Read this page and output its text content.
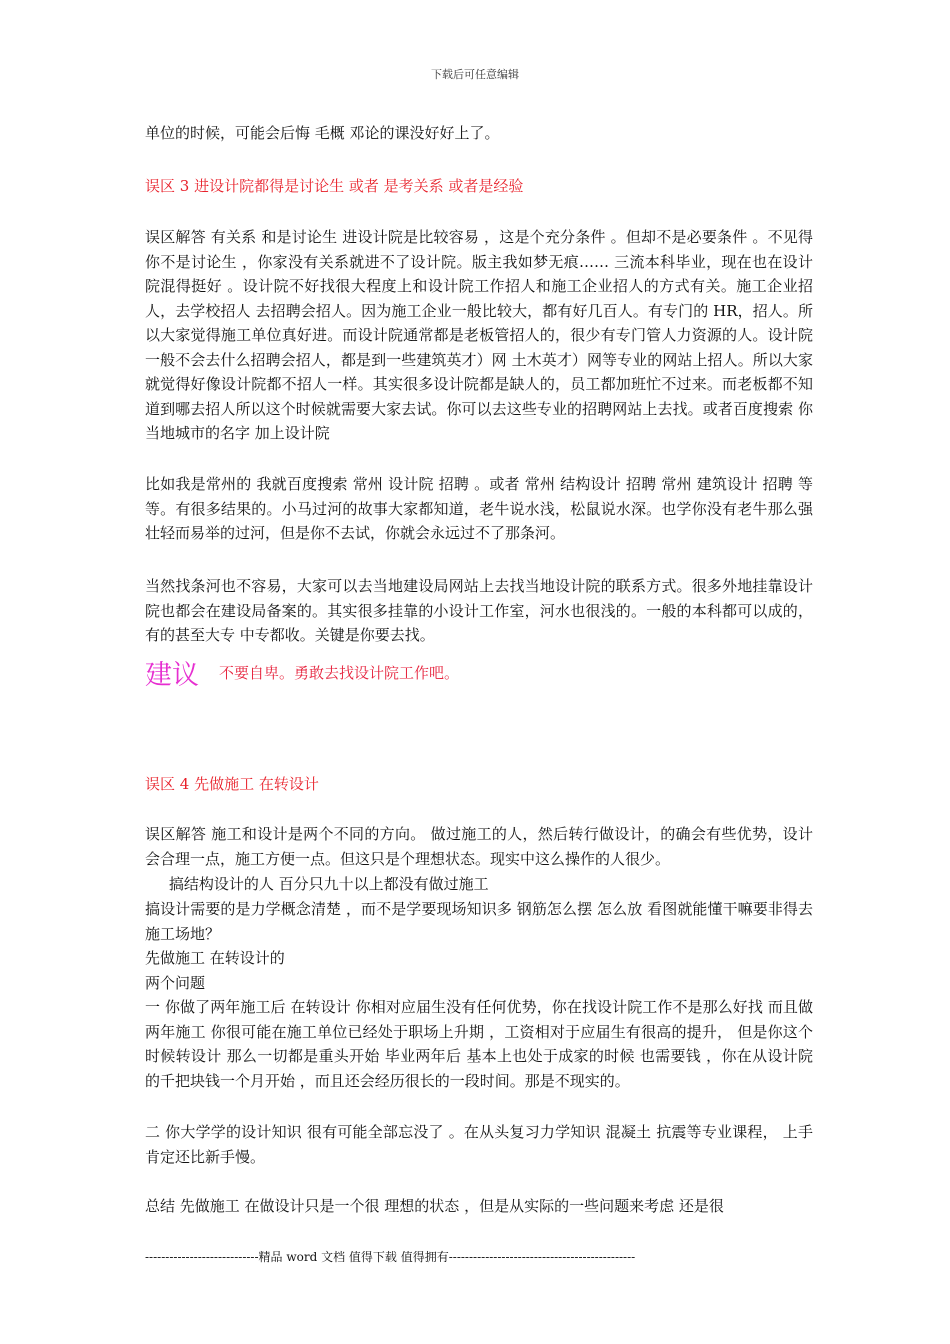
下载后可任意编辑

单位的时候，可能会后悔 毛概 邓论的课没好好上了。

误区 3 进设计院都得是讨论生 或者 是考关系 或者是经验

误区解答 有关系 和是讨论生 进设计院是比较容易 ，这是个充分条件 。但却不是必要条件 。不见得 你不是讨论生 ，你家没有关系就进不了设计院。版主我如梦无痕…… 三流本科毕业，现在也在设计院混得挺好 。设计院不好找很大程度上和设计院工作招人和施工企业招人的方式有关。施工企业招人，去学校招人 去招聘会招人。因为施工企业一般比较大，都有好几百人。有专门的 HR，招人。所以大家觉得施工单位真好进。而设计院通常都是老板管招人的，很少有专门管人力资源的人。设计院一般不会去什么招聘会招人，都是到一些建筑英才）网 土木英才）网等专业的网站上招人。所以大家就觉得好像设计院都不招人一样。其实很多设计院都是缺人的，员工都加班忙不过来。而老板都不知道到哪去招人所以这个时候就需要大家去试。你可以去这些专业的招聘网站上去找。或者百度搜索 你当地城市的名字 加上设计院

比如我是常州的 我就百度搜索 常州 设计院 招聘 。或者 常州 结构设计 招聘 常州 建筑设计 招聘 等等。有很多结果的。小马过河的故事大家都知道，老牛说水浅，松鼠说水深。也学你没有老牛那么强壮轻而易举的过河，但是你不去试，你就会永远过不了那条河。

当然找条河也不容易，大家可以去当地建设局网站上去找当地设计院的联系方式。很多外地挂靠设计院也都会在建设局备案的。其实很多挂靠的小设计工作室，河水也很浅的。一般的本科都可以成的，有的甚至大专 中专都收。关键是你要去找。

建议 不要自卑。勇敢去找设计院工作吧。

误区 4 先做施工 在转设计

误区解答 施工和设计是两个不同的方向。 做过施工的人，然后转行做设计，的确会有些优势，设计会合理一点，施工方便一点。但这只是个理想状态。现实中这么操作的人很少。

搞结构设计的人 百分只九十以上都没有做过施工

搞设计需要的是力学概念清楚 ，而不是学要现场知识多 钢筋怎么摆 怎么放 看图就能懂干嘛要非得去施工场地？

先做施工 在转设计的

两个问题

一 你做了两年施工后 在转设计 你相对应届生没有任何优势，你在找设计院工作不是那么好找 而且做两年施工 你很可能在施工单位已经处于职场上升期 ，工资相对于应届生有很高的提升， 但是你这个时候转设计 那么一切都是重头开始 毕业两年后 基本上也处于成家的时候 也需要钱 ，你在从设计院的千把块钱一个月开始 ，而且还会经历很长的一段时间。那是不现实的。

二 你大学学的设计知识 很有可能全部忘没了 。在从头复习力学知识 混凝土 抗震等专业课程， 上手肯定还比新手慢。

总结 先做施工 在做设计只是一个很 理想的状态 ，但是从实际的一些问题来考虑 还是很

----------------------------精品 word 文档 值得下载 值得拥有----------------------------------------------
